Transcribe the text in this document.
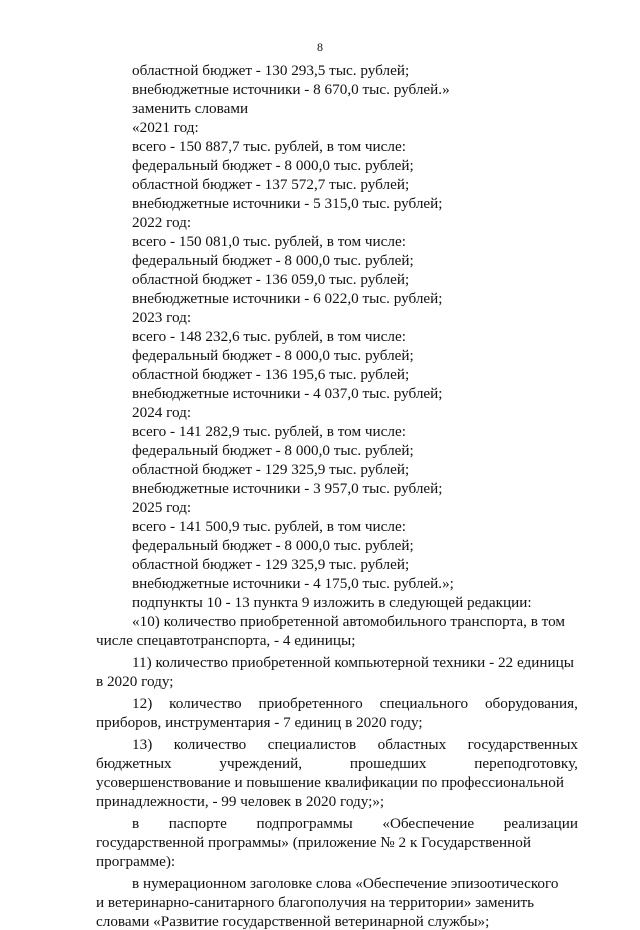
8
областной бюджет - 130 293,5 тыс. рублей;
внебюджетные источники - 8 670,0 тыс. рублей.»
заменить словами
«2021 год:
всего - 150 887,7 тыс. рублей, в том числе:
федеральный бюджет - 8 000,0 тыс. рублей;
областной бюджет - 137 572,7 тыс. рублей;
внебюджетные источники - 5 315,0 тыс. рублей;
2022 год:
всего - 150 081,0 тыс. рублей, в том числе:
федеральный бюджет - 8 000,0 тыс. рублей;
областной бюджет - 136 059,0 тыс. рублей;
внебюджетные источники - 6 022,0 тыс. рублей;
2023 год:
всего - 148 232,6 тыс. рублей, в том числе:
федеральный бюджет - 8 000,0 тыс. рублей;
областной бюджет - 136 195,6 тыс. рублей;
внебюджетные источники - 4 037,0 тыс. рублей;
2024 год:
всего - 141 282,9 тыс. рублей, в том числе:
федеральный бюджет - 8 000,0 тыс. рублей;
областной бюджет - 129 325,9 тыс. рублей;
внебюджетные источники - 3 957,0 тыс. рублей;
2025 год:
всего - 141 500,9 тыс. рублей, в том числе:
федеральный бюджет - 8 000,0 тыс. рублей;
областной бюджет - 129 325,9 тыс. рублей;
внебюджетные источники - 4 175,0 тыс. рублей.»;
подпункты 10 - 13 пункта 9 изложить в следующей редакции:
«10) количество приобретенной автомобильного транспорта, в том
числе спецавтотранспорта, - 4 единицы;
11) количество приобретенной компьютерной техники - 22 единицы
в 2020 году;
12) количество приобретенного специального оборудования,
приборов, инструментария - 7 единиц в 2020 году;
13) количество специалистов областных государственных
бюджетных	учреждений,	прошедших	переподготовку,
усовершенствование и повышение квалификации по профессиональной
принадлежности, - 99 человек в 2020 году;»;
в паспорте подпрограммы «Обеспечение реализации
государственной программы» (приложение № 2 к Государственной
программе):
в нумерационном заголовке слова «Обеспечение эпизоотического
и ветеринарно-санитарного благополучия на территории» заменить
словами «Развитие государственной ветеринарной службы»;
